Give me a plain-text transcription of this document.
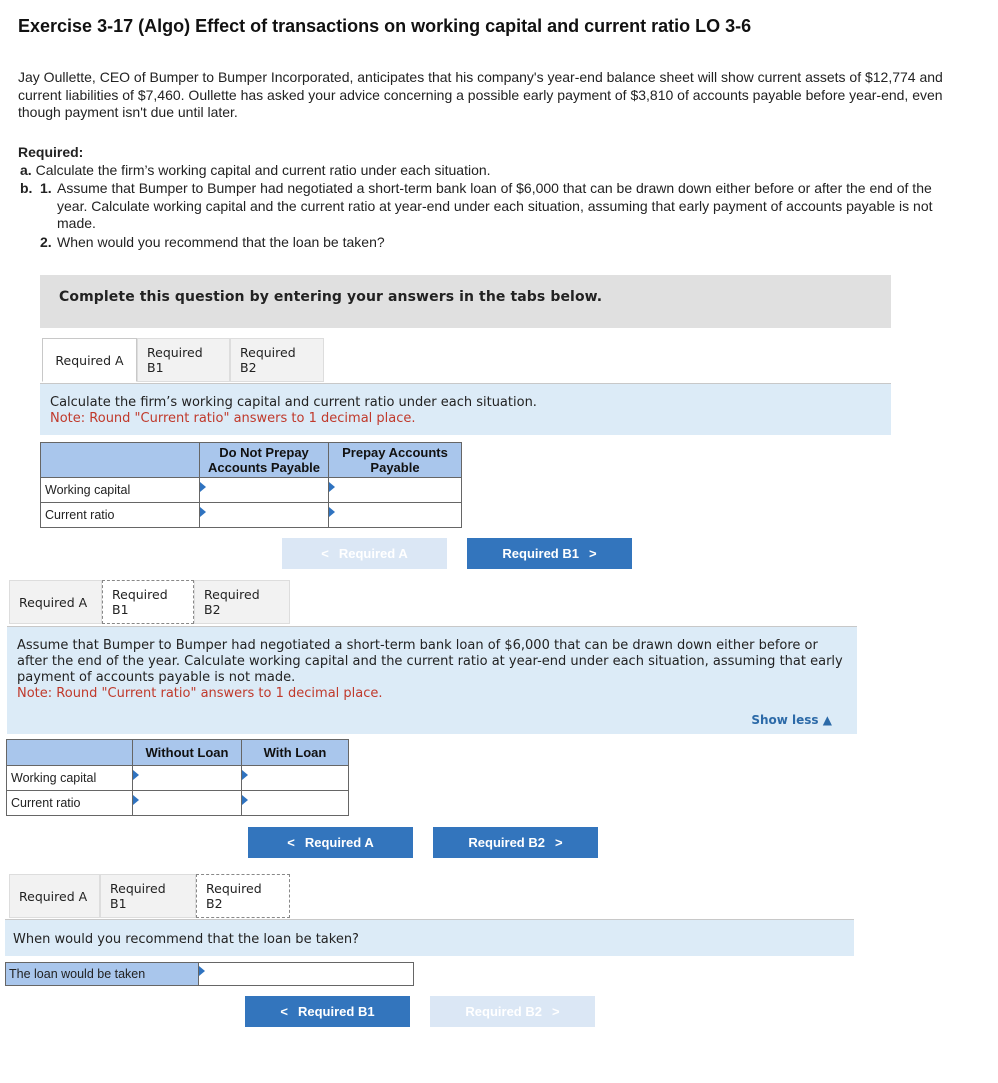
Exercise 3-17 (Algo) Effect of transactions on working capital and current ratio LO 3-6
Jay Oullette, CEO of Bumper to Bumper Incorporated, anticipates that his company's year-end balance sheet will show current assets of $12,774 and current liabilities of $7,460. Oullette has asked your advice concerning a possible early payment of $3,810 of accounts payable before year-end, even though payment isn't due until later.
Required:
a. Calculate the firm’s working capital and current ratio under each situation.
b. 1. Assume that Bumper to Bumper had negotiated a short-term bank loan of $6,000 that can be drawn down either before or after the end of the year. Calculate working capital and the current ratio at year-end under each situation, assuming that early payment of accounts payable is not made.
2. When would you recommend that the loan be taken?
Complete this question by entering your answers in the tabs below.
Required A	Required B1
Required B2
Calculate the firm’s working capital and current ratio under each situation.
Note: Round "Current ratio" answers to 1 decimal place.
	Do Not Prepay Accounts Payable	Prepay Accounts Payable
Working capital	

Current ratio	

< Required A	Required B1 >
Required A	Required B1
Required B2
Assume that Bumper to Bumper had negotiated a short-term bank loan of $6,000 that can be drawn down either before or after the end of the year. Calculate working capital and the current ratio at year-end under each situation, assuming that early payment of accounts payable is not made.
Note: Round "Current ratio" answers to 1 decimal place.
Show less ▲
	Without Loan	With Loan
Working capital	

Current ratio	

< Required A	Required B2 >
Required A	Required B1
Required B2
When would you recommend that the loan be taken?
The loan would be taken	
< Required B1	Required B2 >
